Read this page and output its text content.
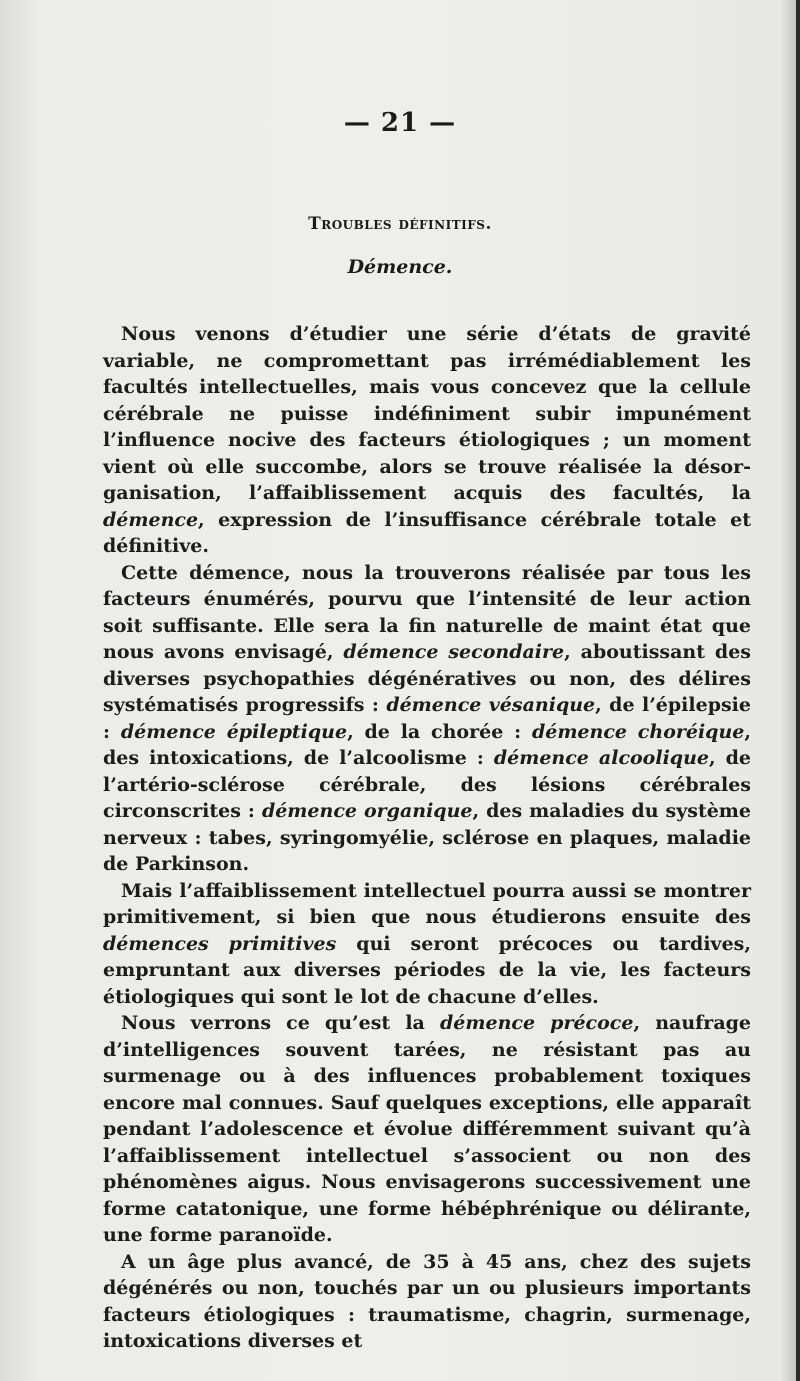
— 21 —
Troubles définitifs.
Démence.

Nous venons d’étudier une série d’états de gravité variable, ne compromettant pas irrémédiablement les facultés intellectuelles, mais vous concevez que la cellule cérébrale ne puisse indéfiniment subir impunément l’influence nocive des facteurs étiologiques ; un moment vient où elle succombe, alors se trouve réalisée la désorganisation, l’affaiblissement acquis des facultés, la démence, expression de l’insuffisance cérébrale totale et définitive.

Cette démence, nous la trouverons réalisée par tous les facteurs énumérés, pourvu que l’intensité de leur action soit suffisante. Elle sera la fin naturelle de maint état que nous avons envisagé, démence secondaire, aboutissant des diverses psychopathies dégénératives ou non, des délires systématisés progressifs : démence vésanique, de l’épilepsie : démence épileptique, de la chorée : démence choréique, des intoxications, de l’alcoolisme : démence alcoolique, de l’artério-sclérose cérébrale, des lésions cérébrales circonscrites : démence organique, des maladies du système nerveux : tabes, syringomyélie, sclérose en plaques, maladie de Parkinson.

Mais l’affaiblissement intellectuel pourra aussi se montrer primitivement, si bien que nous étudierons ensuite des démences primitives qui seront précoces ou tardives, empruntant aux diverses périodes de la vie, les facteurs étiologiques qui sont le lot de chacune d’elles.

Nous verrons ce qu’est la démence précoce, naufrage d’intelligences souvent tarées, ne résistant pas au surmenage ou à des influences probablement toxiques encore mal connues. Sauf quelques exceptions, elle apparaît pendant l’adolescence et évolue différemment suivant qu’à l’affaiblissement intellectuel s’associent ou non des phénomènes aigus. Nous envisagerons successivement une forme catatonique, une forme hébéphrénique ou délirante, une forme paranoïde.

A un âge plus avancé, de 35 à 45 ans, chez des sujets dégénérés ou non, touchés par un ou plusieurs importants facteurs étiologiques : traumatisme, chagrin, surmenage, intoxications diverses et
